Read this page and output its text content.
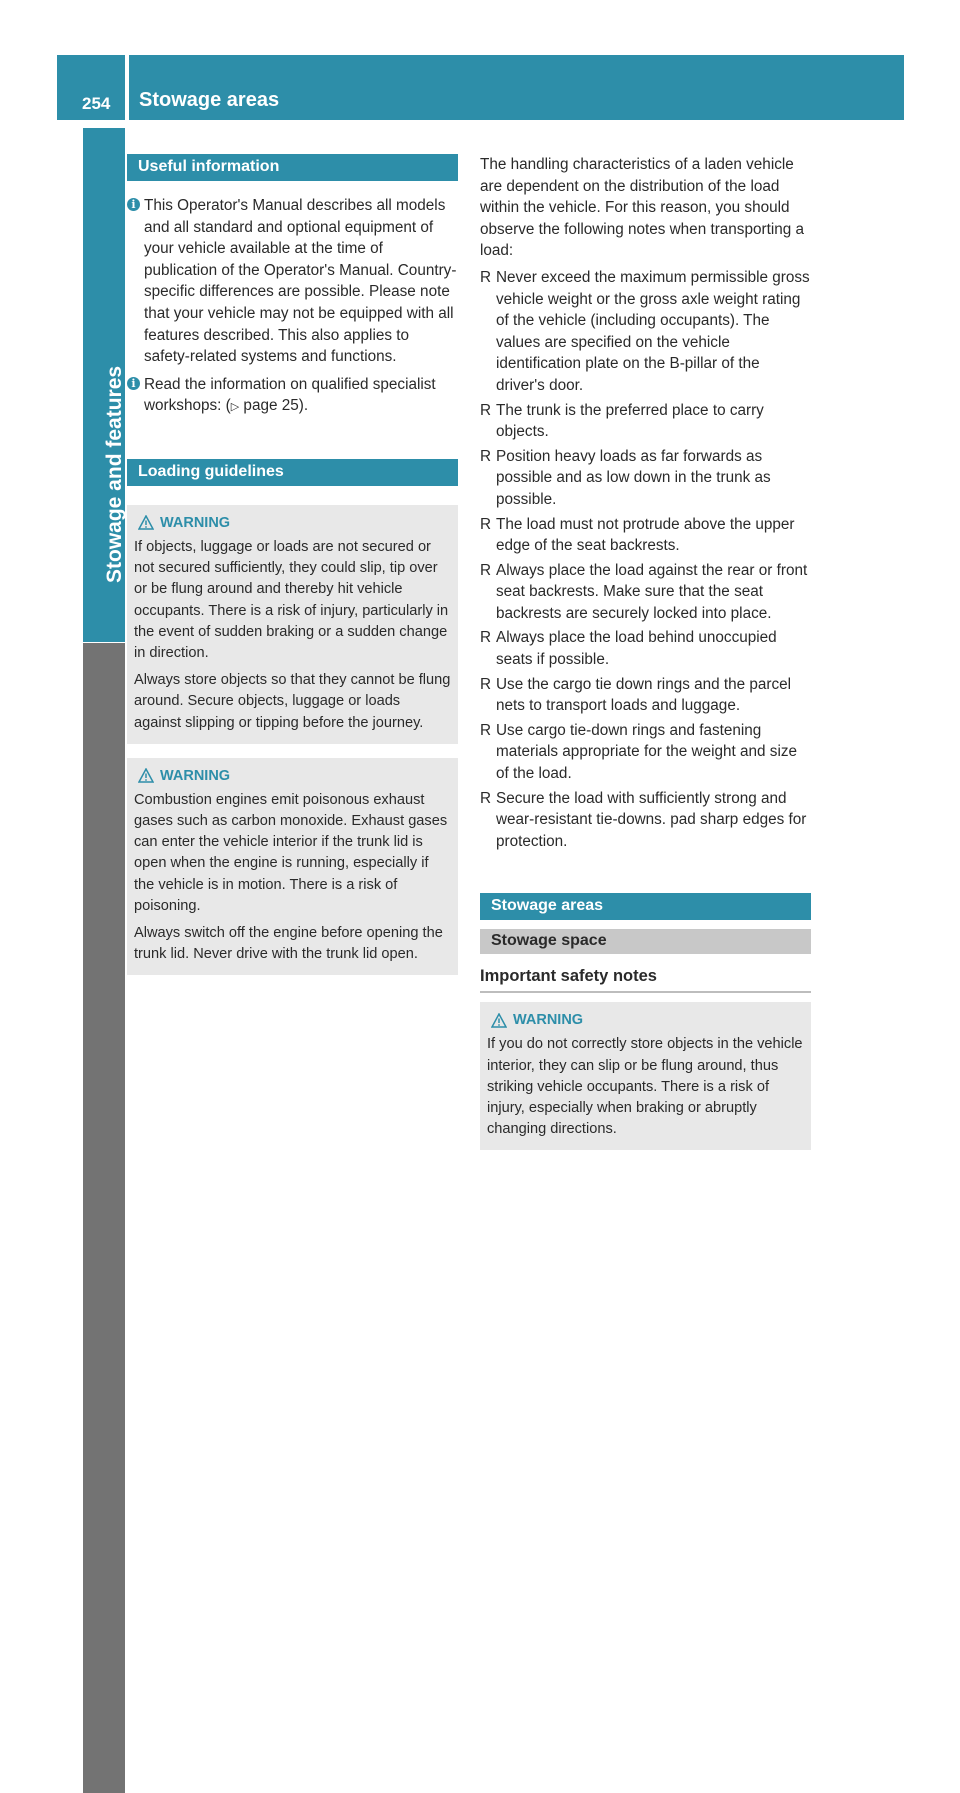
254 Stowage areas
Stowage and features
Useful information
i This Operator's Manual describes all models and all standard and optional equipment of your vehicle available at the time of publication of the Operator's Manual. Country-specific differences are possible. Please note that your vehicle may not be equipped with all features described. This also applies to safety-related systems and functions.

i Read the information on qualified specialist workshops: (▷ page 25).

Loading guidelines
WARNING

If objects, luggage or loads are not secured or not secured sufficiently, they could slip, tip over or be flung around and thereby hit vehicle occupants. There is a risk of injury, particularly in the event of sudden braking or a sudden change in direction.

Always store objects so that they cannot be flung around. Secure objects, luggage or loads against slipping or tipping before the journey.

WARNING

Combustion engines emit poisonous exhaust gases such as carbon monoxide. Exhaust gases can enter the vehicle interior if the trunk lid is open when the engine is running, especially if the vehicle is in motion. There is a risk of poisoning.

Always switch off the engine before opening the trunk lid. Never drive with the trunk lid open.

The handling characteristics of a laden vehicle are dependent on the distribution of the load within the vehicle. For this reason, you should observe the following notes when transporting a load:

R Never exceed the maximum permissible gross vehicle weight or the gross axle weight rating of the vehicle (including occupants). The values are specified on the vehicle identification plate on the B-pillar of the driver's door.
R The trunk is the preferred place to carry objects.
R Position heavy loads as far forwards as possible and as low down in the trunk as possible.
R The load must not protrude above the upper edge of the seat backrests.
R Always place the load against the rear or front seat backrests. Make sure that the seat backrests are securely locked into place.
R Always place the load behind unoccupied seats if possible.
R Use the cargo tie down rings and the parcel nets to transport loads and luggage.
R Use cargo tie-down rings and fastening materials appropriate for the weight and size of the load.
R Secure the load with sufficiently strong and wear-resistant tie-downs. pad sharp edges for protection.
Stowage areas
Stowage space
Important safety notes
WARNING

If you do not correctly store objects in the vehicle interior, they can slip or be flung around, thus striking vehicle occupants. There is a risk of injury, especially when braking or abruptly changing directions.
